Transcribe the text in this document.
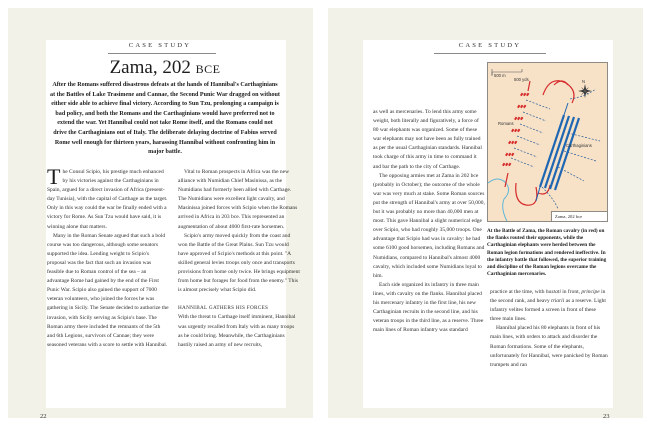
CASE STUDY
Zama, 202 bce
After the Romans suffered disastrous defeats at the hands of Hannibal's Carthaginians at the Battles of Lake Trasimene and Cannae, the Second Punic War dragged on without either side able to achieve final victory. According to Sun Tzu, prolonging a campaign is bad policy, and both the Romans and the Carthaginians would have preferred not to extend the war. Yet Hannibal could not take Rome itself, and the Romans could not drive the Carthaginians out of Italy. The deliberate delaying doctrine of Fabius served Rome well enough for thirteen years, harassing Hannibal without confronting him in major battle.

The Consul Scipio, his prestige much enhanced by his victories against the Carthaginians in Spain, argued for a direct invasion of Africa (present-day Tunisia), with the capital of Carthage as the target. Only in this way could the war be finally ended with a victory for Rome. As Sun Tzu would have said, it is winning alone that matters.

Many in the Roman Senate argued that such a bold course was too dangerous, although some senators supported the idea. Lending weight to Scipio's proposal was the fact that such an invasion was feasible due to Roman control of the sea – an advantage Rome had gained by the end of the First Punic War. Scipio also gained the support of 7000 veteran volunteers, who joined the forces he was gathering in Sicily. The Senate decided to authorize the invasion, with Sicily serving as Scipio's base. The Roman army there included the remnants of the 5th and 6th Legions, survivors of Cannae; they were seasoned veterans with a score to settle with Hannibal.

Vital to Roman prospects in Africa was the new alliance with Numidian Chief Masinissa, as the Numidians had formerly been allied with Carthage. The Numidians were excellent light cavalry, and Masinissa joined forces with Scipio when the Romans arrived in Africa in 203 bce. This represented an augmentation of about 4000 first-rate horsemen.

Scipio's army moved quickly from the coast and won the Battle of the Great Plains. Sun Tzu would have approved of Scipio's methods at this point. "A skilled general levies troops only once and transports provisions from home only twice. He brings equipment from home but forages for food from the enemy." This is almost precisely what Scipio did.

HANNIBAL GATHERS HIS FORCES

With the threat to Carthage itself imminent, Hannibal was urgently recalled from Italy with as many troops as he could bring. Meanwhile, the Carthaginians hastily raised an army of new recruits,

22
CASE STUDY

as well as mercenaries. To lend this army some weight, both literally and figuratively, a force of 80 war elephants was organized. Some of these war elephants may not have been as fully trained as per the usual Carthaginian standards. Hannibal took charge of this army in time to command it and bar the path to the city of Carthage.

The opposing armies met at Zama in 202 bce (probably in October); the outcome of the whole war was very much at stake. Some Roman sources put the strength of Hannibal's army at over 50,000, but it was probably no more than 40,000 men at most. This gave Hannibal a slight numerical edge over Scipio, who had roughly 35,000 troops. One advantage that Scipio had was in cavalry: he had some 6100 good horsemen, including Romans and Numidians, compared to Hannibal's almost 4000 cavalry, which included some Numidians loyal to him.

Each side organized its infantry in three main lines, with cavalry on the flanks. Hannibal placed his mercenary infantry in the first line, his new Carthaginian recruits in the second line, and his veteran troops in the third line, as a reserve. Three main lines of Roman infantry was standard

500 m
500 yds	N
Romans
Carthaginians
Zama, 202 bce
At the Battle of Zama, the Roman cavalry (in red) on the flanks routed their opponents, while the Carthaginian elephants were herded between the Roman legion formations and rendered ineffective. In the infantry battle that followed, the superior training and discipline of the Roman legions overcame the Carthaginian mercenaries.

practice at the time, with hastati in front, principe in the second rank, and heavy triarii as a reserve. Light infantry velites formed a screen in front of these three main lines.

Hannibal placed his 80 elephants in front of his main lines, with orders to attack and disorder the Roman formations. Some of the elephants, unfortunately for Hannibal, were panicked by Roman trumpets and ran

23
